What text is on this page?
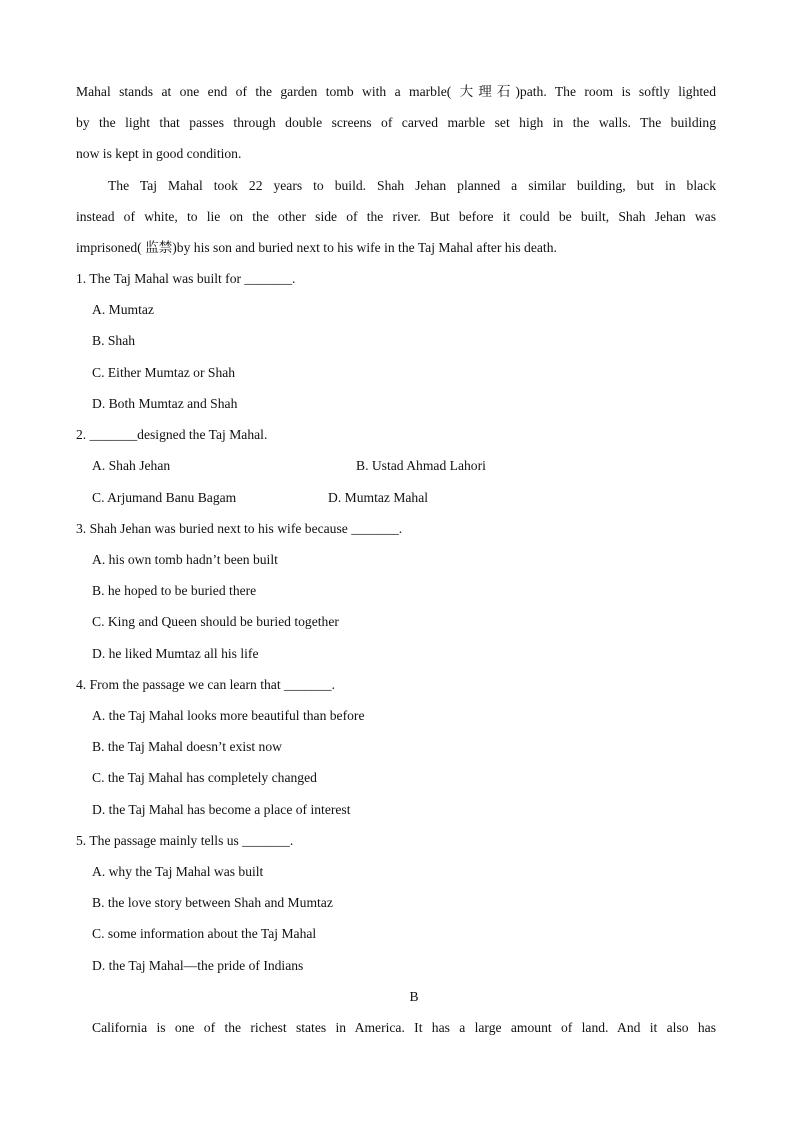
Mahal stands at one end of the garden tomb with a marble( 大理石)path. The room is softly lighted
by the light that passes through double screens of carved marble set high in the walls. The building
now is kept in good condition.
The Taj Mahal took 22 years to build. Shah Jehan planned a similar building, but in black
instead of white, to lie on the other side of the river. But before it could be built, Shah Jehan was
imprisoned( 监禁)by his son and buried next to his wife in the Taj Mahal after his death.
1. The Taj Mahal was built for _______.
A. Mumtaz
B. Shah
C. Either Mumtaz or Shah
D. Both Mumtaz and Shah
2. _______designed the Taj Mahal.
A. Shah Jehan	B. Ustad Ahmad Lahori
C. Arjumand Banu Bagam	D. Mumtaz Mahal
3. Shah Jehan was buried next to his wife because _______.
A. his own tomb hadn’t been built
B. he hoped to be buried there
C. King and Queen should be buried together
D. he liked Mumtaz all his life
4. From the passage we can learn that _______.
A. the Taj Mahal looks more beautiful than before
B. the Taj Mahal doesn’t exist now
C. the Taj Mahal has completely changed
D. the Taj Mahal has become a place of interest
5. The passage mainly tells us _______.
A. why the Taj Mahal was built
B. the love story between Shah and Mumtaz
C. some information about the Taj Mahal
D. the Taj Mahal—the pride of Indians
B
California is one of the richest states in America. It has a large amount of land. And it also has
